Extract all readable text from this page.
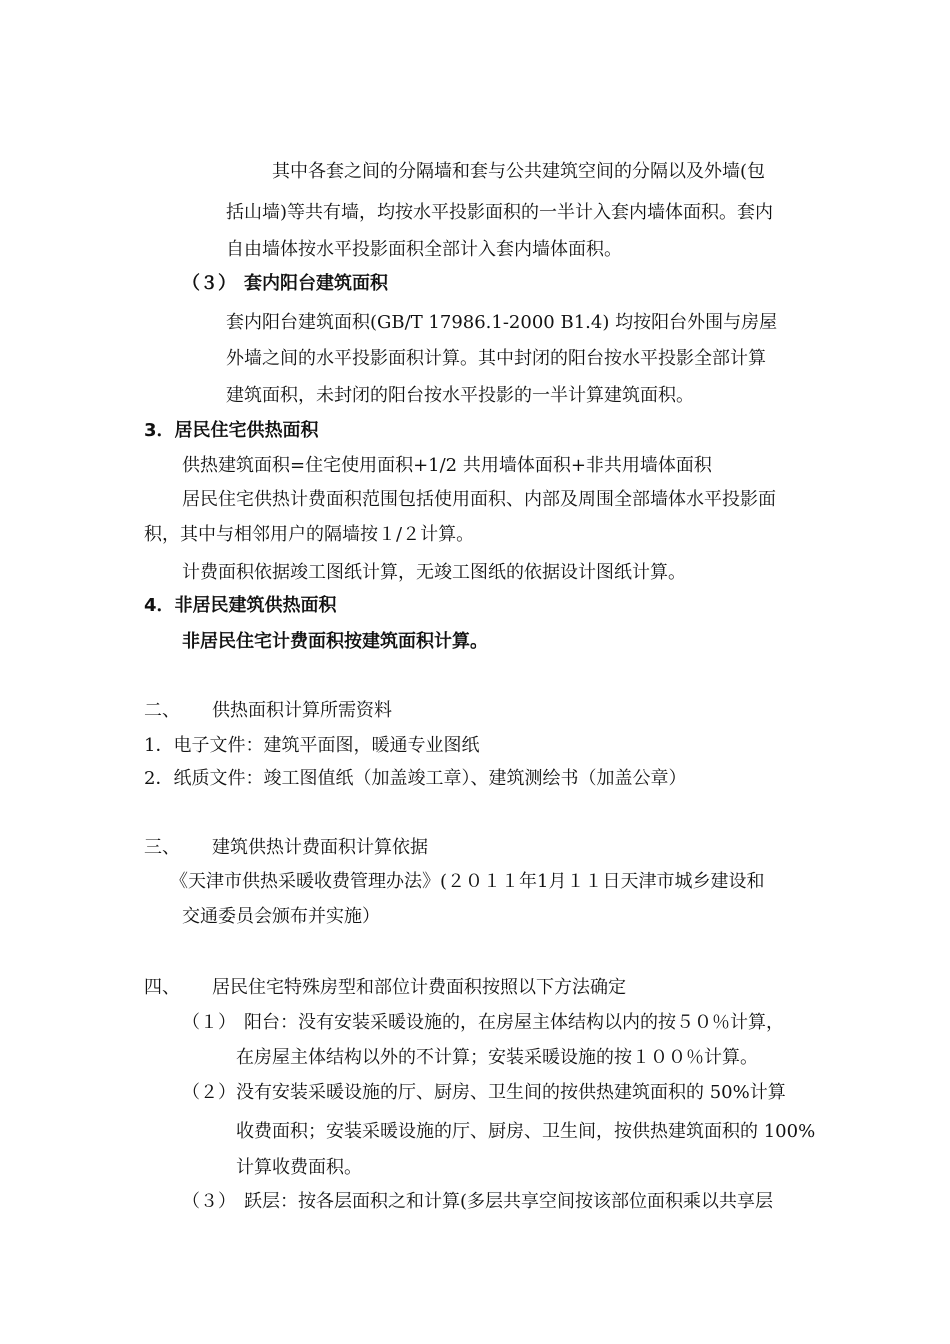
其中各套之间的分隔墙和套与公共建筑空间的分隔以及外墙(包
括山墙)等共有墙，均按水平投影面积的一半计入套内墙体面积。套内
自由墙体按水平投影面积全部计入套内墙体面积。
（３） 套内阳台建筑面积
套内阳台建筑面积(GB/T 17986.1-2000 B1.4) 均按阳台外围与房屋
外墙之间的水平投影面积计算。其中封闭的阳台按水平投影全部计算
建筑面积，未封闭的阳台按水平投影的一半计算建筑面积。
3．居民住宅供热面积
供热建筑面积=住宅使用面积+1/2 共用墙体面积+非共用墙体面积
居民住宅供热计费面积范围包括使用面积、内部及周围全部墙体水平投影面
积，其中与相邻用户的隔墙按１/２计算。
计费面积依据竣工图纸计算，无竣工图纸的依据设计图纸计算。
4．非居民建筑供热面积
非居民住宅计费面积按建筑面积计算。
二、 供热面积计算所需资料
1．电子文件：建筑平面图，暖通专业图纸
2．纸质文件：竣工图值纸（加盖竣工章）、建筑测绘书（加盖公章）
三、 建筑供热计费面积计算依据
《天津市供热采暖收费管理办法》(２０１１年1月１１日天津市城乡建设和
交通委员会颁布并实施）
四、 居民住宅特殊房型和部位计费面积按照以下方法确定
（１） 阳台：没有安装采暖设施的，在房屋主体结构以内的按５０％计算，
在房屋主体结构以外的不计算；安装采暖设施的按１００％计算。
（２） 没有安装采暖设施的厅、厨房、卫生间的按供热建筑面积的 50%计算
收费面积；安装采暖设施的厅、厨房、卫生间，按供热建筑面积的 100%
计算收费面积。
（３） 跃层：按各层面积之和计算(多层共享空间按该部位面积乘以共享层
